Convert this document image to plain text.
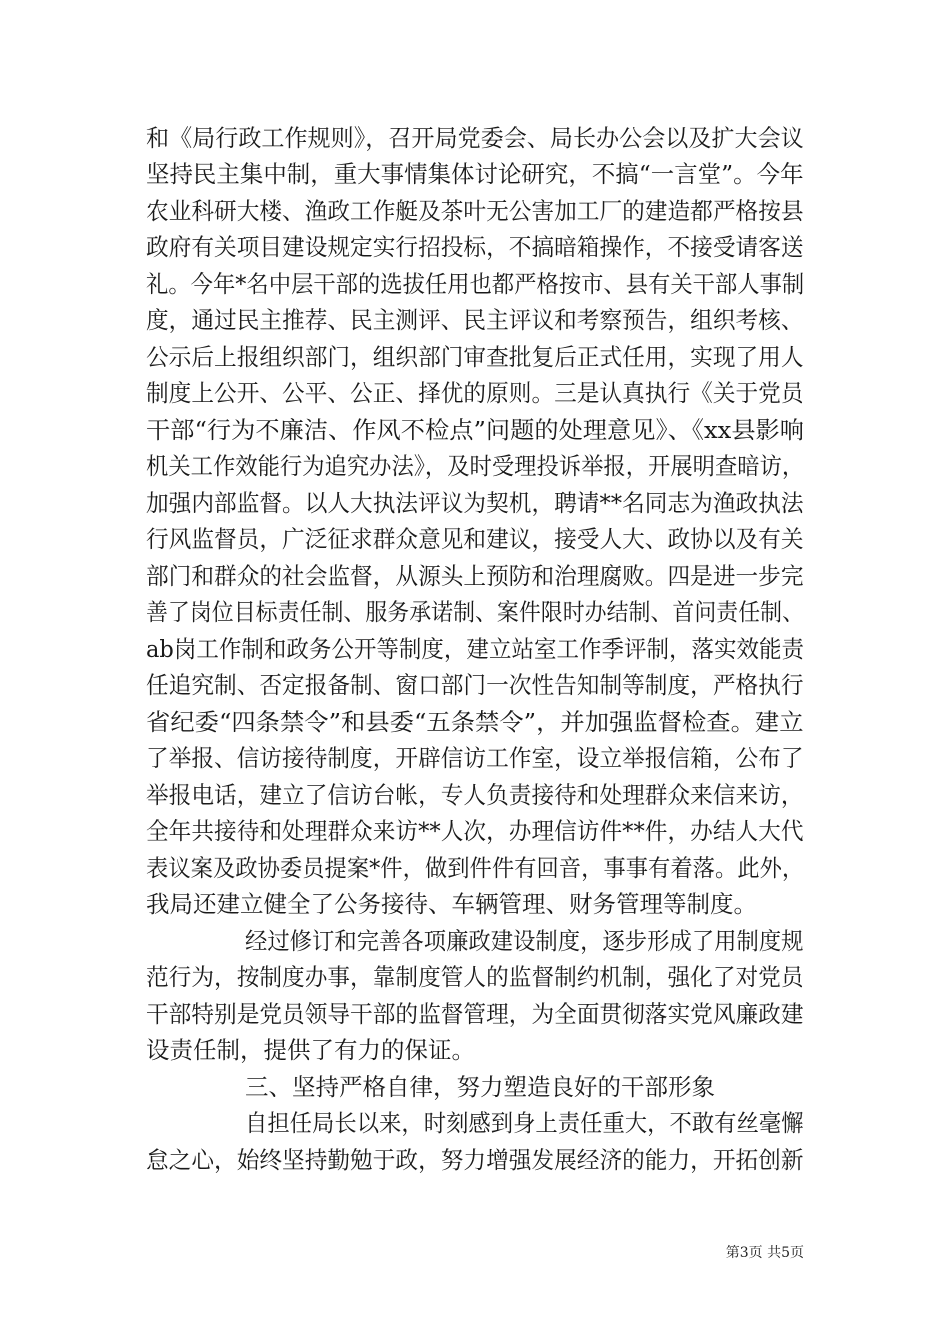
和《局行政工作规则》，召开局党委会、局长办公会以及扩大会议
坚持民主集中制，重大事情集体讨论研究，不搞“一言堂”。今年
农业科研大楼、渔政工作艇及茶叶无公害加工厂的建造都严格按县
政府有关项目建设规定实行招投标，不搞暗箱操作，不接受请客送
礼。今年*名中层干部的选拔任用也都严格按市、县有关干部人事制
度，通过民主推荐、民主测评、民主评议和考察预告，组织考核、
公示后上报组织部门，组织部门审查批复后正式任用，实现了用人
制度上公开、公平、公正、择优的原则。三是认真执行《关于党员
干部“行为不廉洁、作风不检点”问题的处理意见》、《xx县影响
机关工作效能行为追究办法》，及时受理投诉举报，开展明查暗访，
加强内部监督。以人大执法评议为契机，聘请**名同志为渔政执法
行风监督员，广泛征求群众意见和建议，接受人大、政协以及有关
部门和群众的社会监督，从源头上预防和治理腐败。四是进一步完
善了岗位目标责任制、服务承诺制、案件限时办结制、首问责任制、
ab岗工作制和政务公开等制度，建立站室工作季评制，落实效能责
任追究制、否定报备制、窗口部门一次性告知制等制度，严格执行
省纪委“四条禁令”和县委“五条禁令”，并加强监督检查。建立
了举报、信访接待制度，开辟信访工作室，设立举报信箱，公布了
举报电话，建立了信访台帐，专人负责接待和处理群众来信来访，
全年共接待和处理群众来访**人次，办理信访件**件，办结人大代
表议案及政协委员提案*件，做到件件有回音，事事有着落。此外，
我局还建立健全了公务接待、车辆管理、财务管理等制度。
经过修订和完善各项廉政建设制度，逐步形成了用制度规
范行为，按制度办事，靠制度管人的监督制约机制，强化了对党员
干部特别是党员领导干部的监督管理，为全面贯彻落实党风廉政建
设责任制，提供了有力的保证。
三、坚持严格自律，努力塑造良好的干部形象
自担任局长以来，时刻感到身上责任重大，不敢有丝毫懈
怠之心，始终坚持勤勉于政，努力增强发展经济的能力，开拓创新
第3页 共5页
